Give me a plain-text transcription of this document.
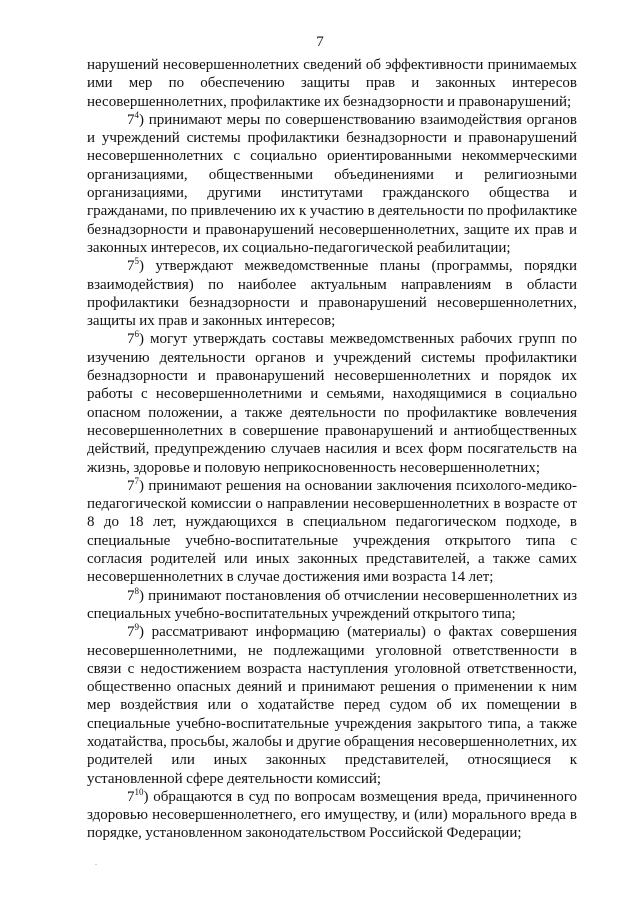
7

нарушений несовершеннолетних сведений об эффективности принимаемых ими мер по обеспечению защиты прав и законных интересов несовершеннолетних, профилактике их безнадзорности и правонарушений;

$7^4$) принимают меры по совершенствованию взаимодействия органов и учреждений системы профилактики безнадзорности и правонарушений несовершеннолетних с социально ориентированными некоммерческими организациями, общественными объединениями и религиозными организациями, другими институтами гражданского общества и гражданами, по привлечению их к участию в деятельности по профилактике безнадзорности и правонарушений несовершеннолетних, защите их прав и законных интересов, их социально-педагогической реабилитации;

$7^5$) утверждают межведомственные планы (программы, порядки взаимодействия) по наиболее актуальным направлениям в области профилактики безнадзорности и правонарушений несовершеннолетних, защиты их прав и законных интересов;

$7^6$) могут утверждать составы межведомственных рабочих групп по изучению деятельности органов и учреждений системы профилактики безнадзорности и правонарушений несовершеннолетних и порядок их работы с несовершеннолетними и семьями, находящимися в социально опасном положении, а также деятельности по профилактике вовлечения несовершеннолетних в совершение правонарушений и антиобщественных действий, предупреждению случаев насилия и всех форм посягательств на жизнь, здоровье и половую неприкосновенность несовершеннолетних;

$7^7$) принимают решения на основании заключения психолого-медико-педагогической комиссии о направлении несовершеннолетних в возрасте от 8 до 18 лет, нуждающихся в специальном педагогическом подходе, в специальные учебно-воспитательные учреждения открытого типа с согласия родителей или иных законных представителей, а также самих несовершеннолетних в случае достижения ими возраста 14 лет;

$7^8$) принимают постановления об отчислении несовершеннолетних из специальных учебно-воспитательных учреждений открытого типа;

$7^9$) рассматривают информацию (материалы) о фактах совершения несовершеннолетними, не подлежащими уголовной ответственности в связи с недостижением возраста наступления уголовной ответственности, общественно опасных деяний и принимают решения о применении к ним мер воздействия или о ходатайстве перед судом об их помещении в специальные учебно-воспитательные учреждения закрытого типа, а также ходатайства, просьбы, жалобы и другие обращения несовершеннолетних, их родителей или иных законных представителей, относящиеся к установленной сфере деятельности комиссий;

$7^{10}$) обращаются в суд по вопросам возмещения вреда, причиненного здоровью несовершеннолетнего, его имуществу, и (или) морального вреда в порядке, установленном законодательством Российской Федерации;

.
